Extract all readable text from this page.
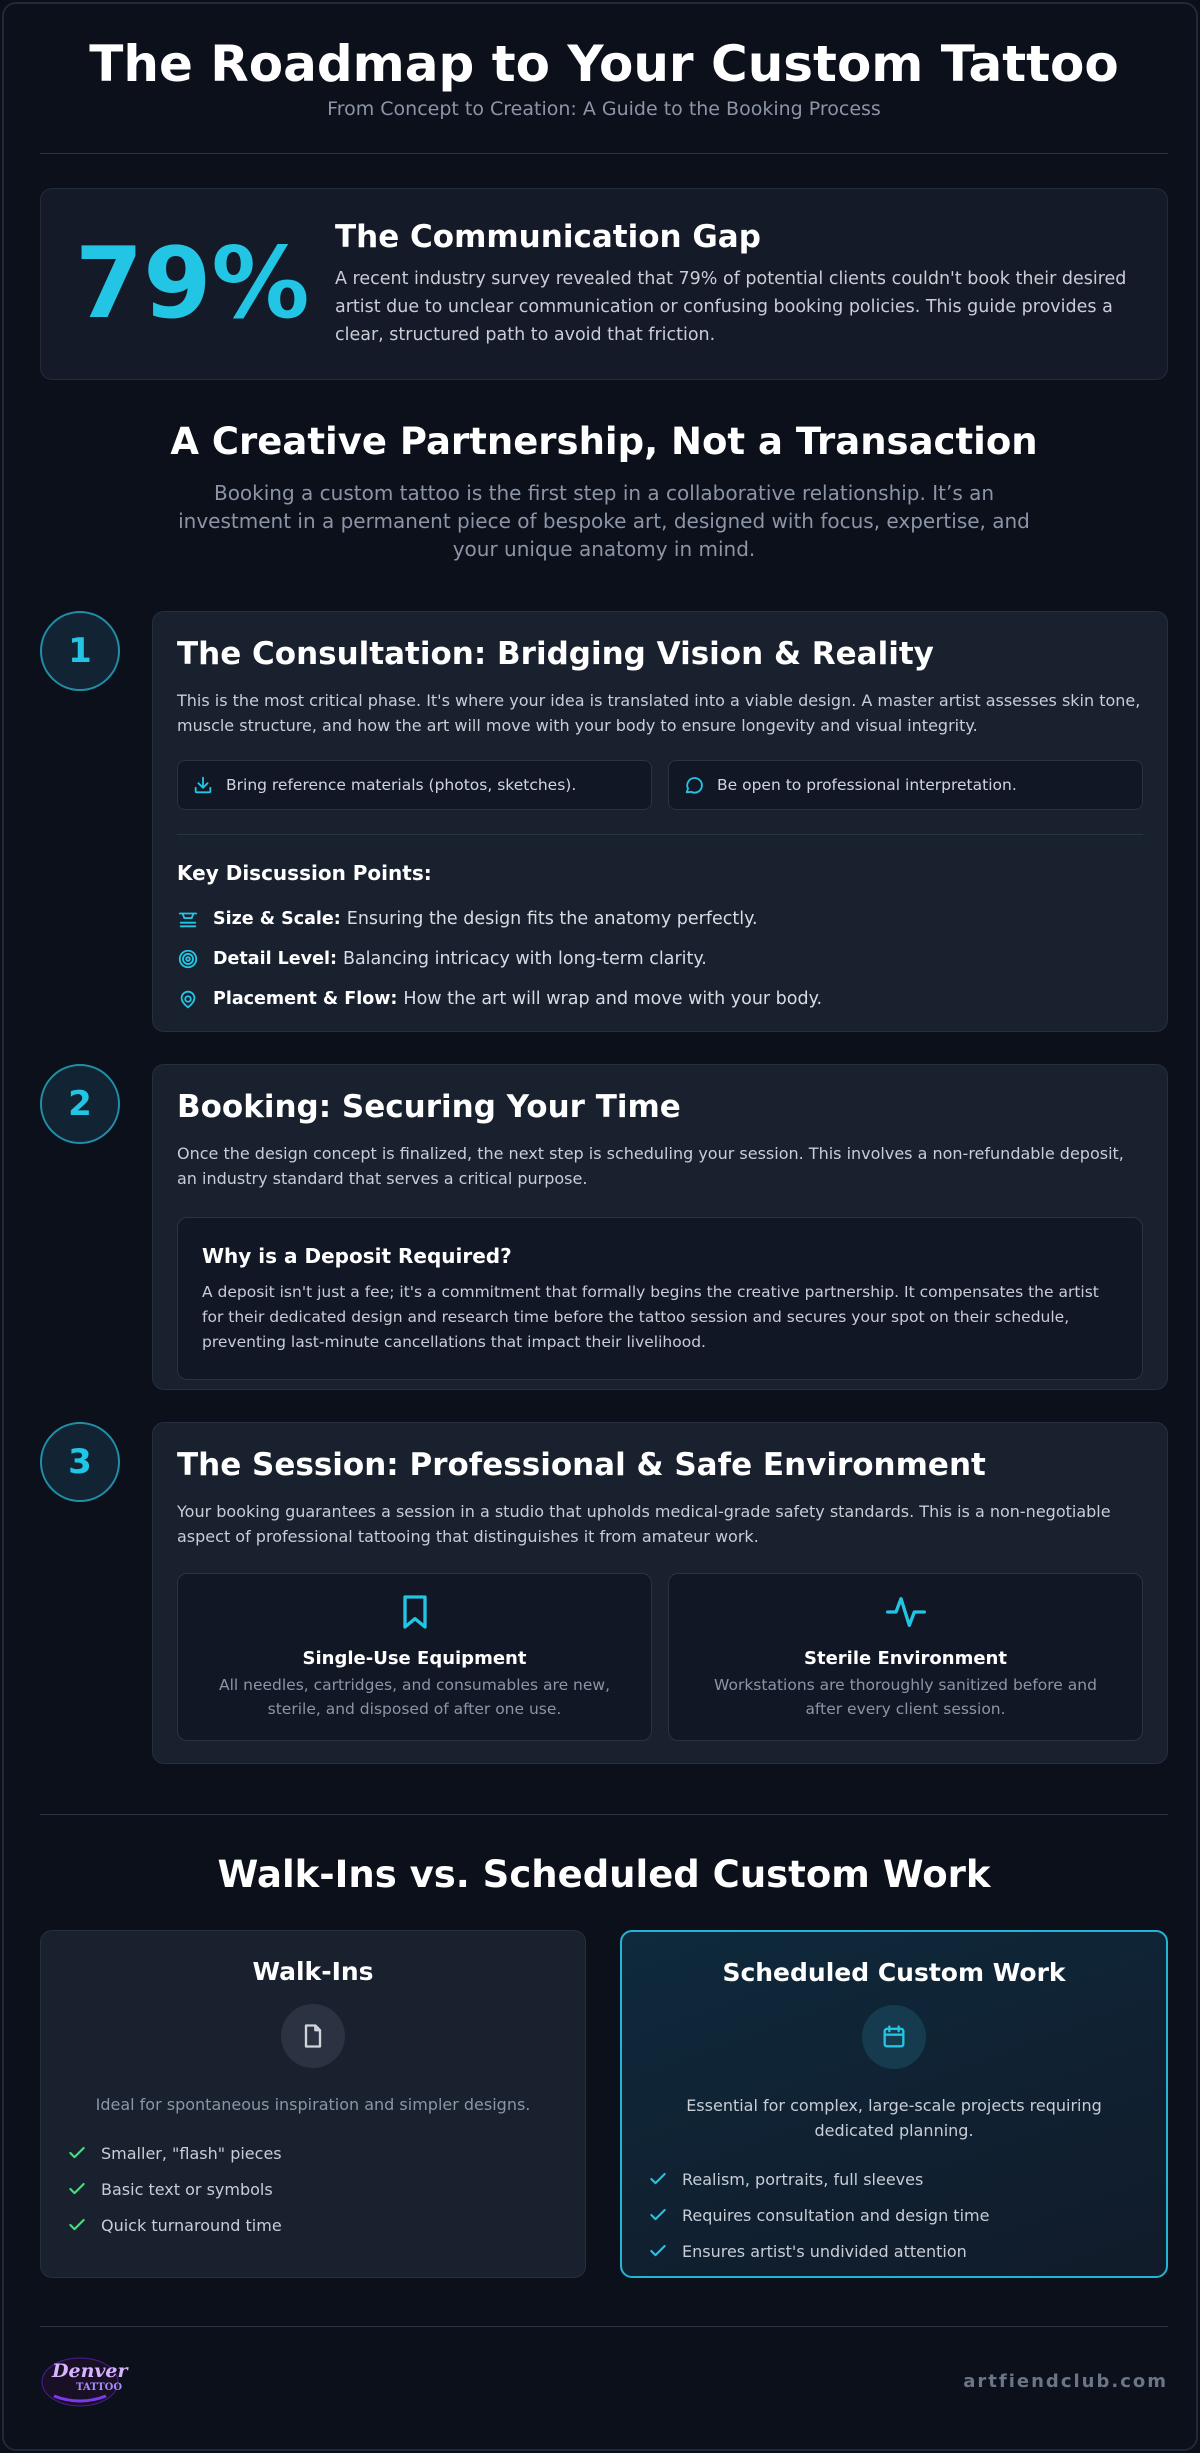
The Roadmap to Your Custom Tattoo
From Concept to Creation: A Guide to the Booking Process
79% The Communication Gap
A recent industry survey revealed that 79% of potential clients couldn't book their desired artist due to unclear communication or confusing booking policies. This guide provides a clear, structured path to avoid that friction.
A Creative Partnership, Not a Transaction

Booking a custom tattoo is the first step in a collaborative relationship. It’s an investment in a permanent piece of bespoke art, designed with focus, expertise, and your unique anatomy in mind.

1	The Consultation: Bridging Vision & Reality
This is the most critical phase. It's where your idea is translated into a viable design. A master artist assesses skin tone, muscle structure, and how the art will move with your body to ensure longevity and visual integrity.
Bring reference materials (photos, sketches).	Be open to professional interpretation.
Key Discussion Points:
Size & Scale: Ensuring the design fits the anatomy perfectly.
Detail Level: Balancing intricacy with long-term clarity.
Placement & Flow: How the art will wrap and move with your body.
2	Booking: Securing Your Time
Once the design concept is finalized, the next step is scheduling your session. This involves a non-refundable deposit, an industry standard that serves a critical purpose.
Why is a Deposit Required?
A deposit isn't just a fee; it's a commitment that formally begins the creative partnership. It compensates the artist for their dedicated design and research time before the tattoo session and secures your spot on their schedule, preventing last-minute cancellations that impact their livelihood.
3	The Session: Professional & Safe Environment
Your booking guarantees a session in a studio that upholds medical-grade safety standards. This is a non-negotiable aspect of professional tattooing that distinguishes it from amateur work.
Single-Use Equipment
All needles, cartridges, and consumables are new, sterile, and disposed of after one use.
Sterile Environment
Workstations are thoroughly sanitized before and after every client session.
Walk-Ins vs. Scheduled Custom Work
Walk-Ins
Ideal for spontaneous inspiration and simpler designs.
Smaller, "flash" pieces
Basic text or symbols
Quick turnaround time
Scheduled Custom Work
Essential for complex, large-scale projects requiring dedicated planning.
Realism, portraits, full sleeves
Requires consultation and design time
Ensures artist's undivided attention
Denver
TATTOO	artfiendclub.com
